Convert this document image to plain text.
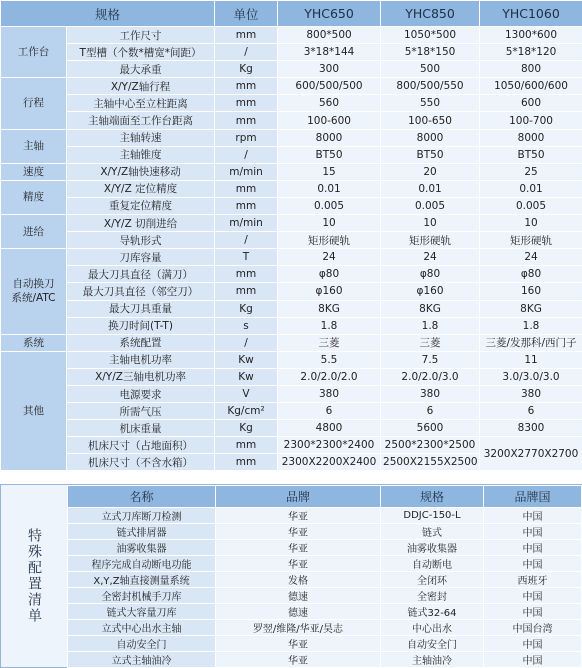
规格		单位	YHC650	YHC850	YHC1060
工作台	工作尺寸	mm	800*500	1050*500	1300*600
	T型槽（个数*槽宽*间距）	/	3*18*144	5*18*150	5*18*120
	最大承重	Kg	300	500	800
行程	X/Y/Z轴行程	mm	600/500/500	800/500/550	1050/600/600
	主轴中心至立柱距离	mm	560	550	600
	主轴端面至工作台距离	mm	100-600	100-650	100-700
主轴	主轴转速	rpm	8000	8000	8000
	主轴锥度	/	BT50	BT50	BT50
速度	X/Y/Z轴快速移动	m/min	15	20	25
精度	X/Y/Z 定位精度	mm	0.01	0.01	0.01
	重复定位精度	mm	0.005	0.005	0.005
进给	X/Y/Z 切削进给	m/min	10	10	10
	导轨形式	/	矩形硬轨	矩形硬轨	矩形硬轨
自动换刀
系统/ATC	刀库容量	T	24	24	24
	最大刀具直径（满刀）	mm	φ80	φ80	φ80
	最大刀具直径（邻空刀）	mm	φ160	φ160	160
	最大刀具重量	Kg	8KG	8KG	8KG
	换刀时间(T-T)	s	1.8	1.8	1.8
系统	系统配置	/	三菱	三菱	三菱/发那科/西门子
其他	主轴电机功率	Kw	5.5	7.5	11
	X/Y/Z三轴电机功率	Kw	2.0/2.0/2.0	2.0/2.0/3.0	3.0/3.0/3.0
	电源要求	V	380	380	380
	所需气压	Kg/cm²	6	6	6
	机床重量	Kg	4800	5600	8300
	机床尺寸（占地面积）	mm	2300*2300*2400	2500*2300*2500	3200X2770X2700
	机床尺寸（不含水箱）	mm	2300X2200X2400	2500X2155X2500	
特殊配置清单
名称	品牌	规格	品牌国
立式刀库断刀检测	华亚	DDJC-150-L	中国
链式排屑器	华亚	链式	中国
油雾收集器	华亚	油雾收集器	中国
程序完成自动断电功能	华亚	自动断电	中国
X,Y,Z轴直接测量系统	发格	全闭环	西班牙
全密封机械手刀库	德速	全密封	中国
链式大容量刀库	德速	链式32-64	中国
立式中心出水主轴	罗翌/维隆/华亚/昊志	中心出水	中国台湾
自动安全门	华亚	自动安全门	中国
立式主轴油冷	华亚	主轴油冷	中国
